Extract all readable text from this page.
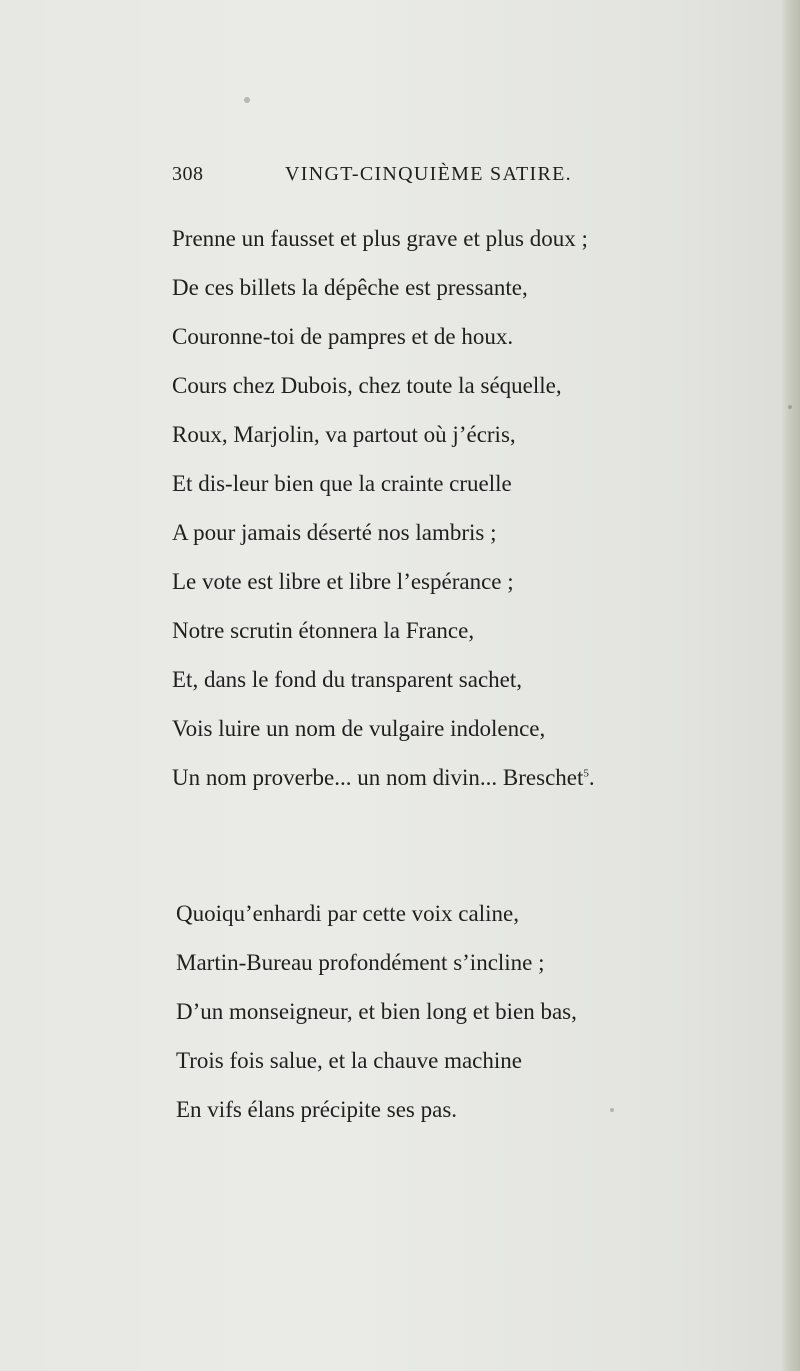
308	VINGT-CINQUIÈME SATIRE.
Prenne un fausset et plus grave et plus doux ;
De ces billets la dépêche est pressante,
Couronne-toi de pampres et de houx.
Cours chez Dubois, chez toute la séquelle,
Roux, Marjolin, va partout où j’écris,
Et dis-leur bien que la crainte cruelle
A pour jamais déserté nos lambris ;
Le vote est libre et libre l’espérance ;
Notre scrutin étonnera la France,
Et, dans le fond du transparent sachet,
Vois luire un nom de vulgaire indolence,
Un nom proverbe... un nom divin... Breschet$^5$.
Quoiqu’enhardi par cette voix caline,
Martin-Bureau profondément s’incline ;
D’un monseigneur, et bien long et bien bas,
Trois fois salue, et la chauve machine
En vifs élans précipite ses pas.
